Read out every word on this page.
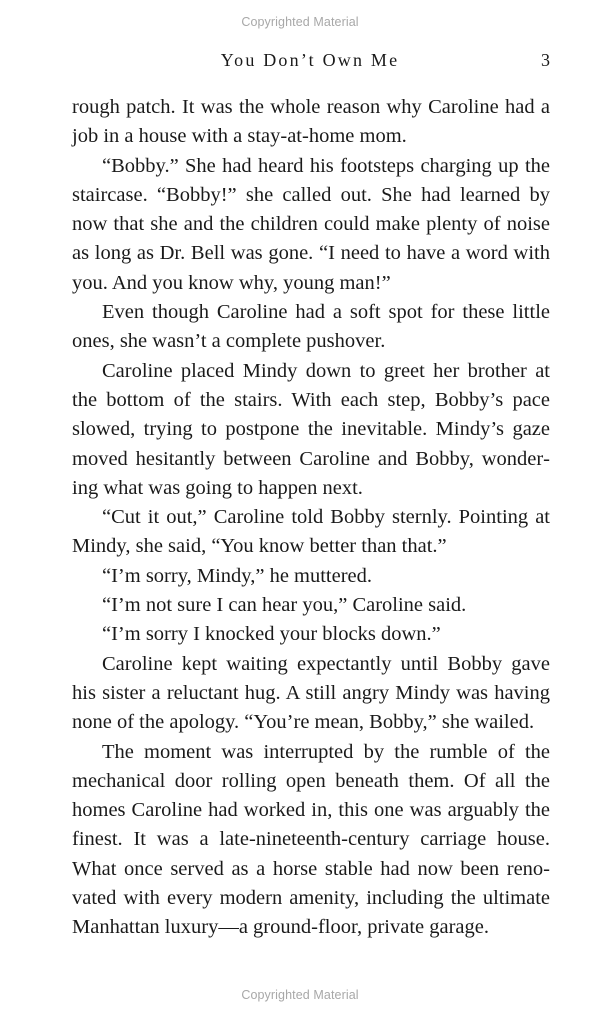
Copyrighted Material
You Don’t Own Me	3

rough patch. It was the whole reason why Caroline had a job in a house with a stay-at-home mom.

“Bobby.” She had heard his footsteps charging up the staircase. “Bobby!” she called out. She had learned by now that she and the children could make plenty of noise as long as Dr. Bell was gone. “I need to have a word with you. And you know why, young man!”

Even though Caroline had a soft spot for these little ones, she wasn’t a complete pushover.

Caroline placed Mindy down to greet her brother at the bottom of the stairs. With each step, Bobby’s pace slowed, trying to postpone the inevitable. Mindy’s gaze moved hesitantly between Caroline and Bobby, wondering what was going to happen next.

“Cut it out,” Caroline told Bobby sternly. Pointing at Mindy, she said, “You know better than that.”

“I’m sorry, Mindy,” he muttered.

“I’m not sure I can hear you,” Caroline said.

“I’m sorry I knocked your blocks down.”

Caroline kept waiting expectantly until Bobby gave his sister a reluctant hug. A still angry Mindy was having none of the apology. “You’re mean, Bobby,” she wailed.

The moment was interrupted by the rumble of the mechanical door rolling open beneath them. Of all the homes Caroline had worked in, this one was arguably the finest. It was a late-nineteenth-century carriage house. What once served as a horse stable had now been renovated with every modern amenity, including the ultimate Manhattan luxury—a ground-floor, private garage.

Copyrighted Material
